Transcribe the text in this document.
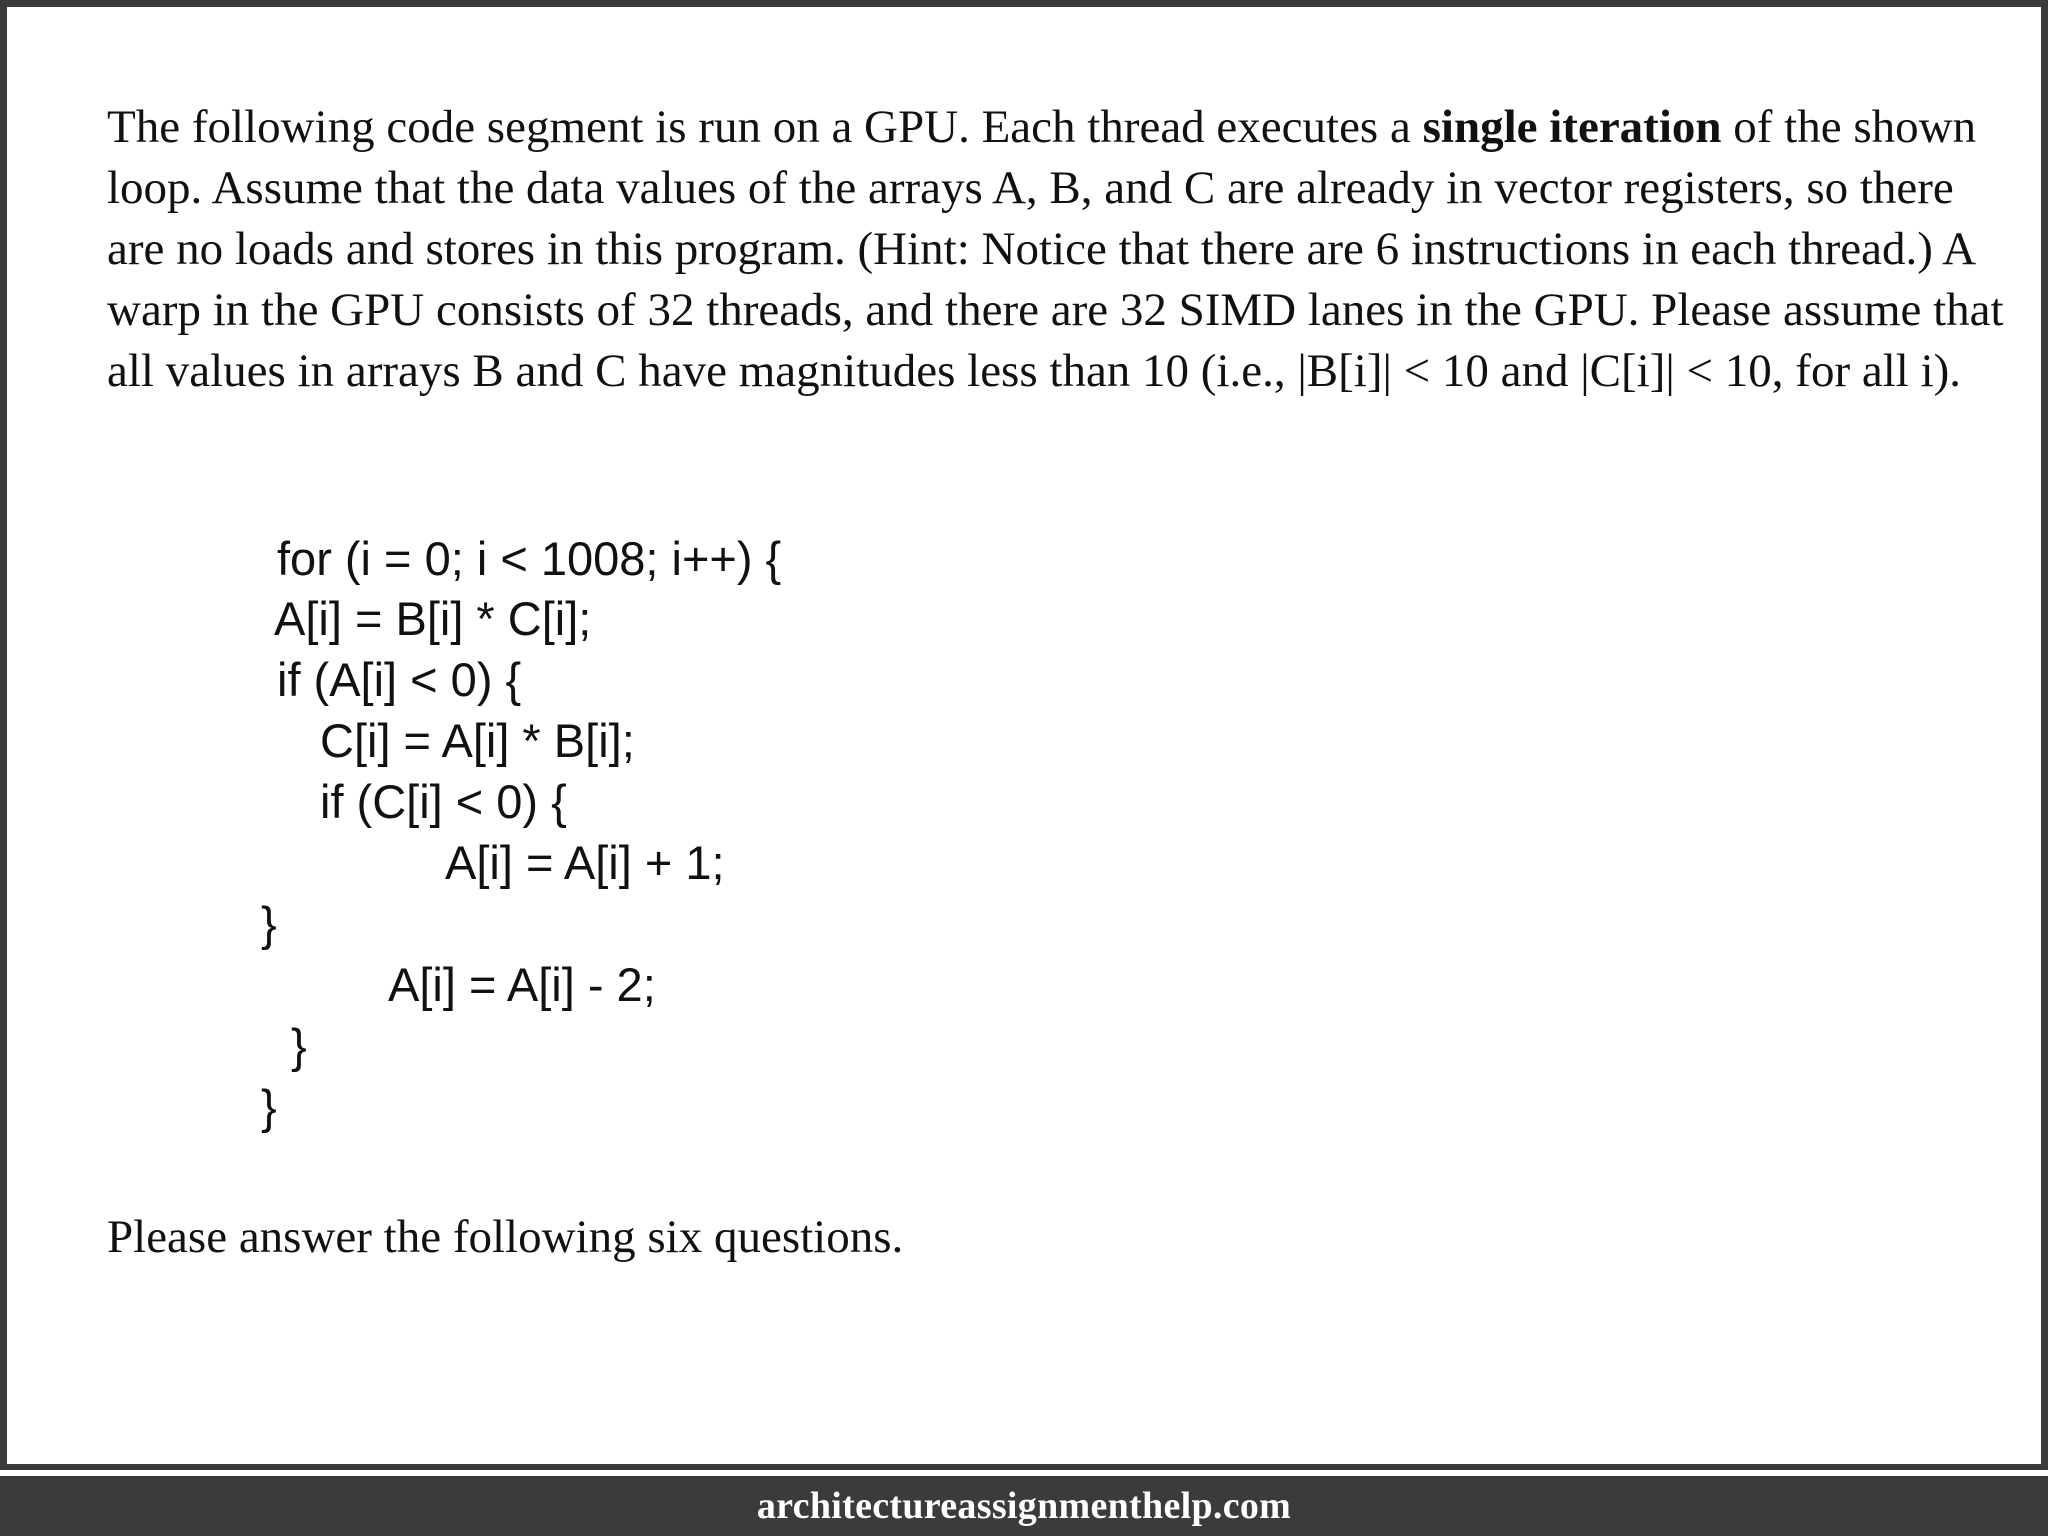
The following code segment is run on a GPU. Each thread executes a single iteration of the shown loop. Assume that the data values of the arrays A, B, and C are already in vector registers, so there are no loads and stores in this program. (Hint: Notice that there are 6 instructions in each thread.) A warp in the GPU consists of 32 threads, and there are 32 SIMD lanes in the GPU. Please assume that all values in arrays B and C have magnitudes less than 10 (i.e., |B[i]| < 10 and |C[i]| < 10, for all i).

for (i = 0; i < 1008; i++) {

A[i] = B[i] * C[i];

if (A[i] < 0) {

C[i] = A[i] * B[i];

if (C[i] < 0) {

A[i] = A[i] + 1;

}

A[i] = A[i] - 2;

}

}

Please answer the following six questions.

architectureassignmenthelp.com
